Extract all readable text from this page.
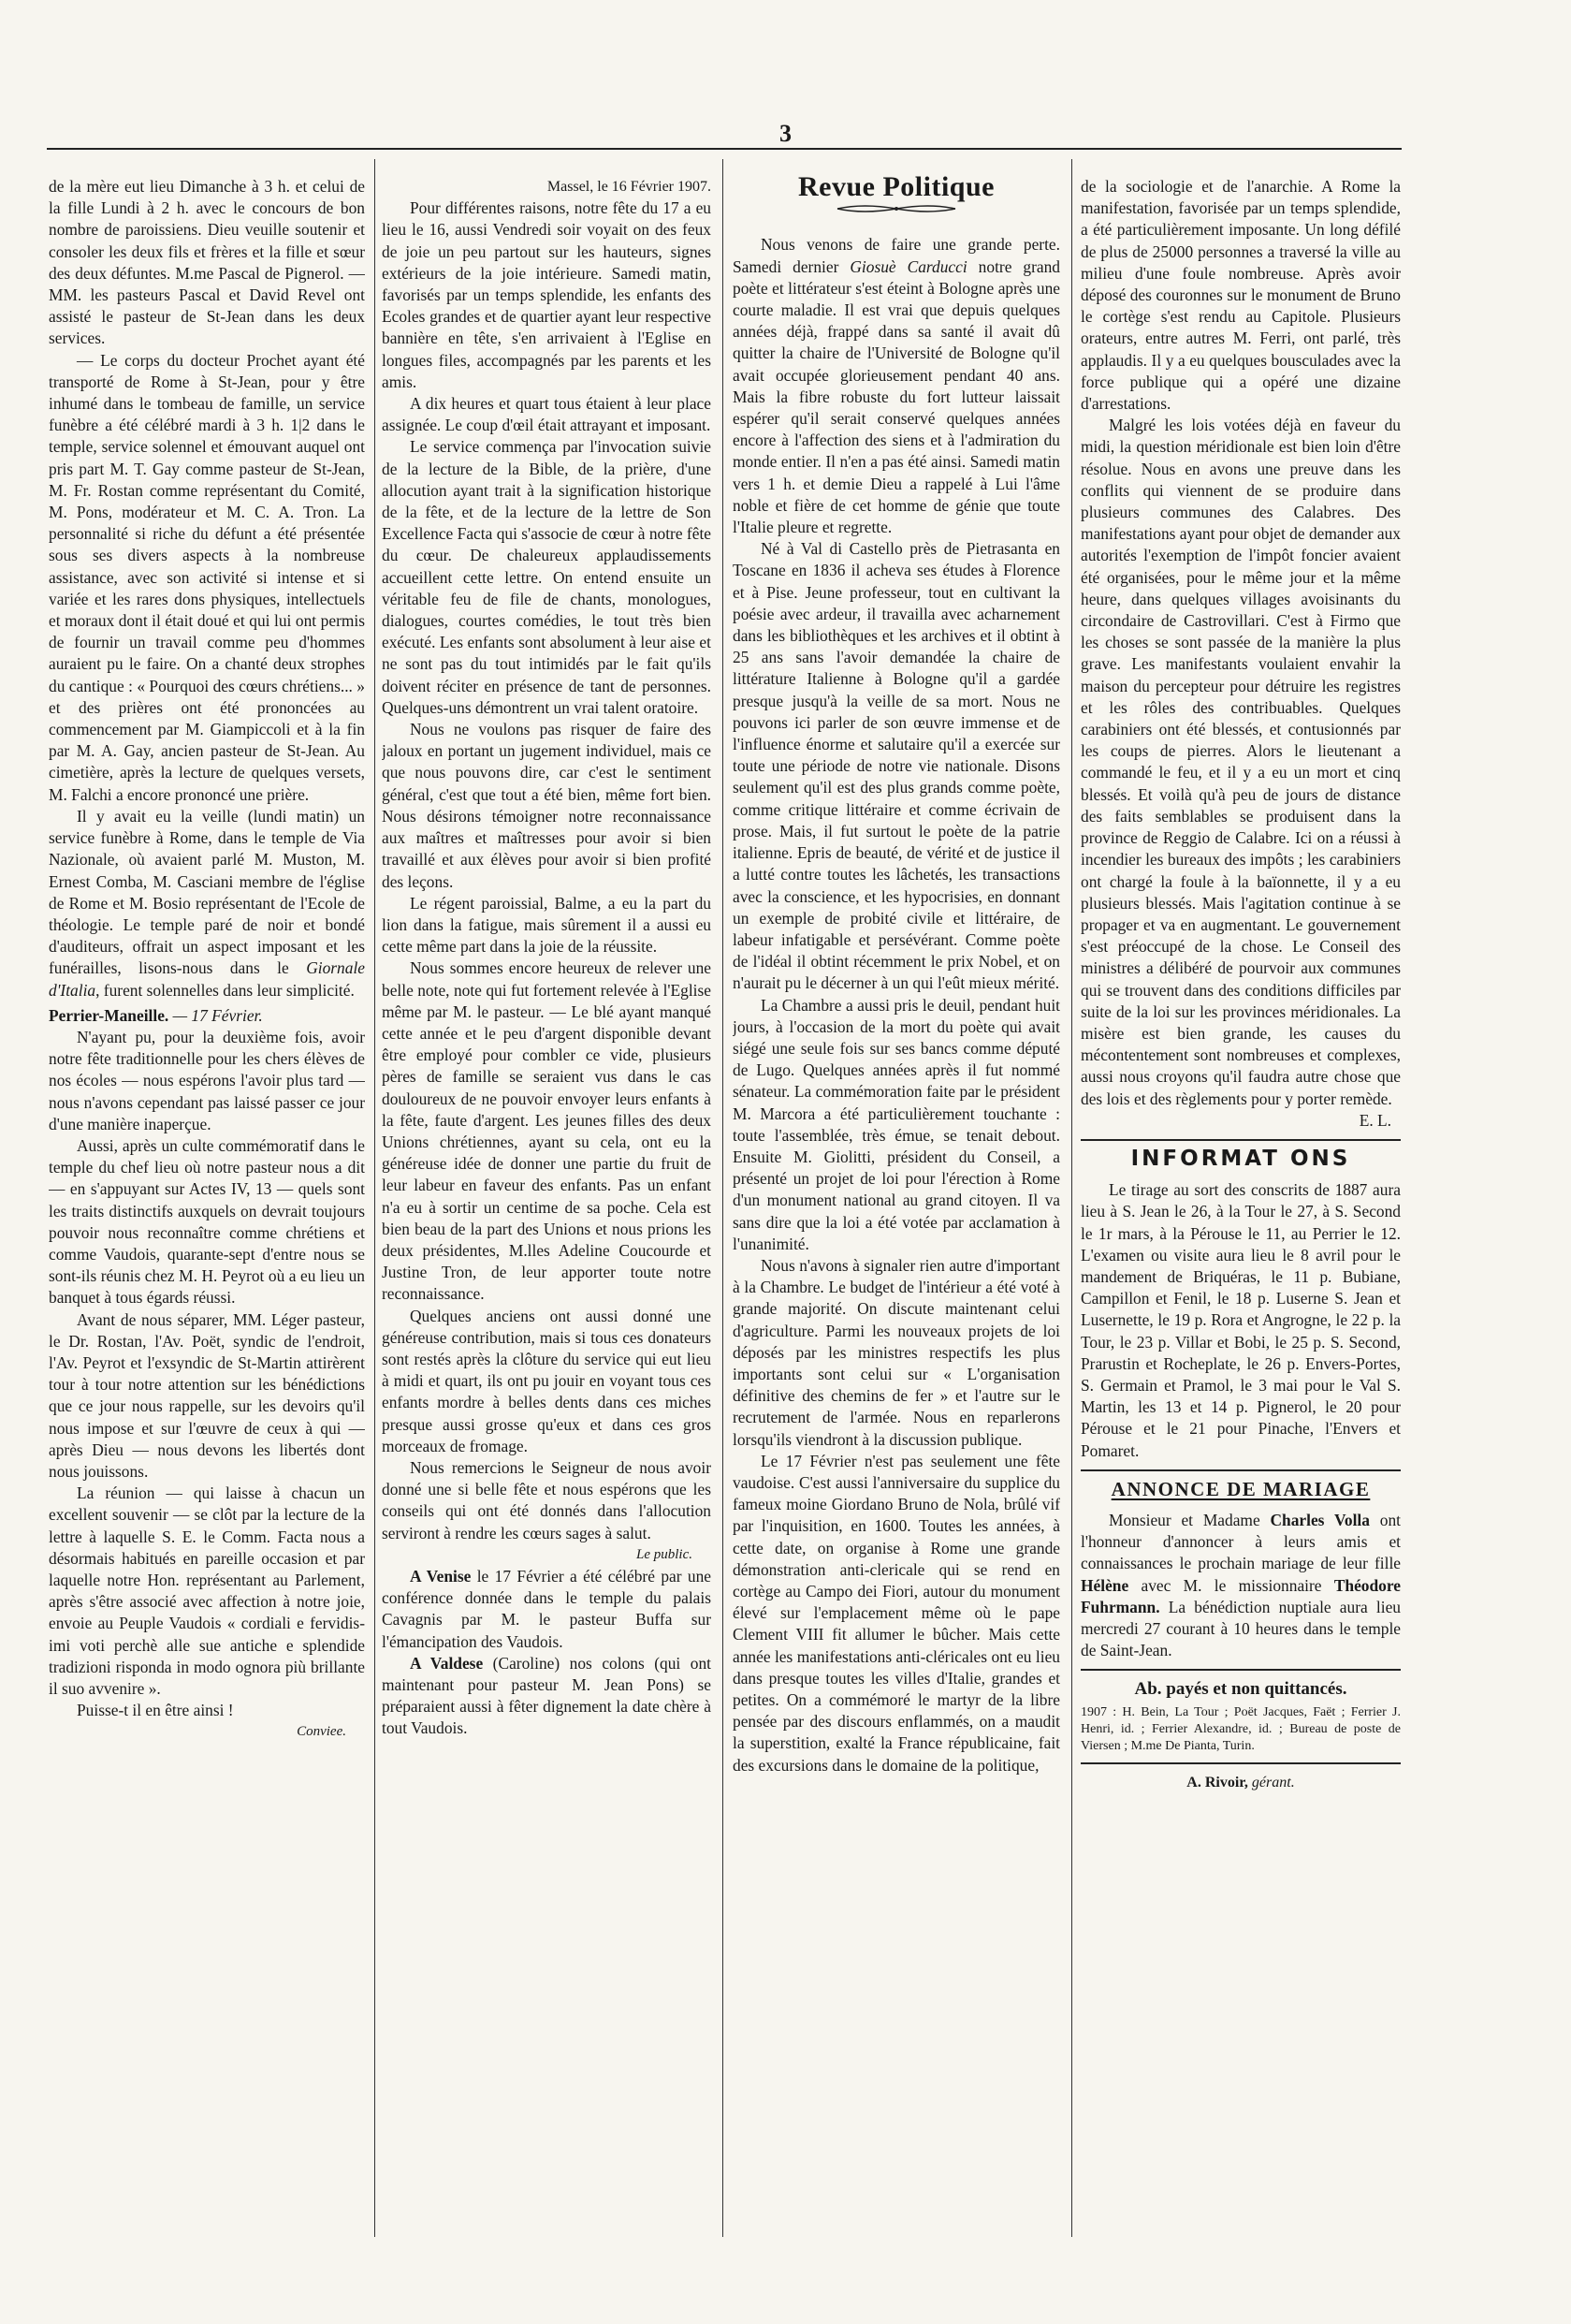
3

de la mère eut lieu Dimanche à 3 h. et celui de la fille Lundi à 2 h. avec le concours de bon nombre de paroissiens. Dieu veuille soutenir et consoler les deux fils et frères et la fille et sœur des deux défuntes. M.me Pascal de Pignerol. — MM. les pasteurs Pascal et David Revel ont assisté le pasteur de St-Jean dans les deux services.

— Le corps du docteur Prochet ayant été transporté de Rome à St-Jean, pour y être inhumé dans le tombeau de famille, un service funèbre a été célébré mardi à 3 h. 1|2 dans le temple, service solennel et émouvant auquel ont pris part M. T. Gay comme pasteur de St-Jean, M. Fr. Rostan comme représentant du Comité, M. Pons, modérateur et M. C. A. Tron. La personnalité si riche du défunt a été présentée sous ses divers aspects à la nombreuse assistance, avec son activité si intense et si variée et les rares dons physiques, intellectuels et moraux dont il était doué et qui lui ont permis de fournir un travail comme peu d'hommes auraient pu le faire. On a chanté deux strophes du cantique : « Pourquoi des cœurs chrétiens... » et des prières ont été prononcées au commencement par M. Giampiccoli et à la fin par M. A. Gay, ancien pasteur de St-Jean. Au cimetière, après la lecture de quelques versets, M. Falchi a encore prononcé une prière.

Il y avait eu la veille (lundi matin) un service funèbre à Rome, dans le temple de Via Nazionale, où avaient parlé M. Muston, M. Ernest Comba, M. Casciani membre de l'église de Rome et M. Bosio représentant de l'Ecole de théologie. Le temple paré de noir et bondé d'auditeurs, offrait un aspect imposant et les funérailles, lisons-nous dans le Giornale d'Italia, furent solennelles dans leur simplicité.

Perrier-Maneille. — 17 Février.

N'ayant pu, pour la deuxième fois, avoir notre fête traditionnelle pour les chers élèves de nos écoles — nous espérons l'avoir plus tard — nous n'avons cependant pas laissé passer ce jour d'une manière inaperçue.

Aussi, après un culte commémoratif dans le temple du chef lieu où notre pasteur nous a dit — en s'appuyant sur Actes IV, 13 — quels sont les traits distinctifs auxquels on devrait toujours pouvoir nous reconnaître comme chrétiens et comme Vaudois, quarante-sept d'entre nous se sont-ils réunis chez M. H. Peyrot où a eu lieu un banquet à tous égards réussi.

Avant de nous séparer, MM. Léger pasteur, le Dr. Rostan, l'Av. Poët, syndic de l'endroit, l'Av. Peyrot et l'exsyndic de St-Martin attirèrent tour à tour notre attention sur les bénédictions que ce jour nous rappelle, sur les devoirs qu'il nous impose et sur l'œuvre de ceux à qui — après Dieu — nous devons les libertés dont nous jouissons.

La réunion — qui laisse à chacun un excellent souvenir — se clôt par la lecture de la lettre à laquelle S. E. le Comm. Facta nous a désormais habitués en pareille occasion et par laquelle notre Hon. représentant au Parlement, après s'être associé avec affection à notre joie, envoie au Peuple Vaudois « cordiali e fervidis-imi voti perchè alle sue antiche e splendide tradizioni risponda in modo ognora più brillante il suo avvenire ».

Puisse-t il en être ainsi !

Conviee.

Massel, le 16 Février 1907.

Pour différentes raisons, notre fête du 17 a eu lieu le 16, aussi Vendredi soir voyait on des feux de joie un peu partout sur les hauteurs, signes extérieurs de la joie intérieure. Samedi matin, favorisés par un temps splendide, les enfants des Ecoles grandes et de quartier ayant leur respective bannière en tête, s'en arrivaient à l'Eglise en longues files, accompagnés par les parents et les amis.

A dix heures et quart tous étaient à leur place assignée. Le coup d'œil était attrayant et imposant.

Le service commença par l'invocation suivie de la lecture de la Bible, de la prière, d'une allocution ayant trait à la signification historique de la fête, et de la lecture de la lettre de Son Excellence Facta qui s'associe de cœur à notre fête du cœur. De chaleureux applaudissements accueillent cette lettre. On entend ensuite un véritable feu de file de chants, monologues, dialogues, courtes comédies, le tout très bien exécuté. Les enfants sont absolument à leur aise et ne sont pas du tout intimidés par le fait qu'ils doivent réciter en présence de tant de personnes. Quelques-uns démontrent un vrai talent oratoire.

Nous ne voulons pas risquer de faire des jaloux en portant un jugement individuel, mais ce que nous pouvons dire, car c'est le sentiment général, c'est que tout a été bien, même fort bien. Nous désirons témoigner notre reconnaissance aux maîtres et maîtresses pour avoir si bien travaillé et aux élèves pour avoir si bien profité des leçons.

Le régent paroissial, Balme, a eu la part du lion dans la fatigue, mais sûrement il a aussi eu cette même part dans la joie de la réussite.

Nous sommes encore heureux de relever une belle note, note qui fut fortement relevée à l'Eglise même par M. le pasteur. — Le blé ayant manqué cette année et le peu d'argent disponible devant être employé pour combler ce vide, plusieurs pères de famille se seraient vus dans le cas douloureux de ne pouvoir envoyer leurs enfants à la fête, faute d'argent. Les jeunes filles des deux Unions chrétiennes, ayant su cela, ont eu la généreuse idée de donner une partie du fruit de leur labeur en faveur des enfants. Pas un enfant n'a eu à sortir un centime de sa poche. Cela est bien beau de la part des Unions et nous prions les deux présidentes, M.lles Adeline Coucourde et Justine Tron, de leur apporter toute notre reconnaissance.

Quelques anciens ont aussi donné une généreuse contribution, mais si tous ces donateurs sont restés après la clôture du service qui eut lieu à midi et quart, ils ont pu jouir en voyant tous ces enfants mordre à belles dents dans ces miches presque aussi grosse qu'eux et dans ces gros morceaux de fromage.

Nous remercions le Seigneur de nous avoir donné une si belle fête et nous espérons que les conseils qui ont été donnés dans l'allocution serviront à rendre les cœurs sages à salut.

Le public.

A Venise le 17 Février a été célébré par une conférence donnée dans le temple du palais Cavagnis par M. le pasteur Buffa sur l'émancipation des Vaudois.

A Valdese (Caroline) nos colons (qui ont maintenant pour pasteur M. Jean Pons) se préparaient aussi à fêter dignement la date chère à tout Vaudois.

Revue Politique

Nous venons de faire une grande perte. Samedi dernier Giosuè Carducci notre grand poète et littérateur s'est éteint à Bologne après une courte maladie. Il est vrai que depuis quelques années déjà, frappé dans sa santé il avait dû quitter la chaire de l'Université de Bologne qu'il avait occupée glorieusement pendant 40 ans. Mais la fibre robuste du fort lutteur laissait espérer qu'il serait conservé quelques années encore à l'affection des siens et à l'admiration du monde entier. Il n'en a pas été ainsi. Samedi matin vers 1 h. et demie Dieu a rappelé à Lui l'âme noble et fière de cet homme de génie que toute l'Italie pleure et regrette.

Né à Val di Castello près de Pietrasanta en Toscane en 1836 il acheva ses études à Florence et à Pise. Jeune professeur, tout en cultivant la poésie avec ardeur, il travailla avec acharnement dans les bibliothèques et les archives et il obtint à 25 ans sans l'avoir demandée la chaire de littérature Italienne à Bologne qu'il a gardée presque jusqu'à la veille de sa mort. Nous ne pouvons ici parler de son œuvre immense et de l'influence énorme et salutaire qu'il a exercée sur toute une période de notre vie nationale. Disons seulement qu'il est des plus grands comme poète, comme critique littéraire et comme écrivain de prose. Mais, il fut surtout le poète de la patrie italienne. Epris de beauté, de vérité et de justice il a lutté contre toutes les lâchetés, les transactions avec la conscience, et les hypocrisies, en donnant un exemple de probité civile et littéraire, de labeur infatigable et persévérant. Comme poète de l'idéal il obtint récemment le prix Nobel, et on n'aurait pu le décerner à un qui l'eût mieux mérité.

La Chambre a aussi pris le deuil, pendant huit jours, à l'occasion de la mort du poète qui avait siégé une seule fois sur ses bancs comme député de Lugo. Quelques années après il fut nommé sénateur. La commémoration faite par le président M. Marcora a été particulièrement touchante : toute l'assemblée, très émue, se tenait debout. Ensuite M. Giolitti, président du Conseil, a présenté un projet de loi pour l'érection à Rome d'un monument national au grand citoyen. Il va sans dire que la loi a été votée par acclamation à l'unanimité.

Nous n'avons à signaler rien autre d'important à la Chambre. Le budget de l'intérieur a été voté à grande majorité. On discute maintenant celui d'agriculture. Parmi les nouveaux projets de loi déposés par les ministres respectifs les plus importants sont celui sur « L'organisation définitive des chemins de fer » et l'autre sur le recrutement de l'armée. Nous en reparlerons lorsqu'ils viendront à la discussion publique.

Le 17 Février n'est pas seulement une fête vaudoise. C'est aussi l'anniversaire du supplice du fameux moine Giordano Bruno de Nola, brûlé vif par l'inquisition, en 1600. Toutes les années, à cette date, on organise à Rome une grande démonstration anti-clericale qui se rend en cortège au Campo dei Fiori, autour du monument élevé sur l'emplacement même où le pape Clement VIII fit allumer le bûcher. Mais cette année les manifestations anti-cléricales ont eu lieu dans presque toutes les villes d'Italie, grandes et petites. On a commémoré le martyr de la libre pensée par des discours enflammés, on a maudit la superstition, exalté la France républicaine, fait des excursions dans le domaine de la politique,

de la sociologie et de l'anarchie. A Rome la manifestation, favorisée par un temps splendide, a été particulièrement imposante. Un long défilé de plus de 25000 personnes a traversé la ville au milieu d'une foule nombreuse. Après avoir déposé des couronnes sur le monument de Bruno le cortège s'est rendu au Capitole. Plusieurs orateurs, entre autres M. Ferri, ont parlé, très applaudis. Il y a eu quelques bousculades avec la force publique qui a opéré une dizaine d'arrestations.

Malgré les lois votées déjà en faveur du midi, la question méridionale est bien loin d'être résolue. Nous en avons une preuve dans les conflits qui viennent de se produire dans plusieurs communes des Calabres. Des manifestations ayant pour objet de demander aux autorités l'exemption de l'impôt foncier avaient été organisées, pour le même jour et la même heure, dans quelques villages avoisinants du circondaire de Castrovillari. C'est à Firmo que les choses se sont passée de la manière la plus grave. Les manifestants voulaient envahir la maison du percepteur pour détruire les registres et les rôles des contribuables. Quelques carabiniers ont été blessés, et contusionnés par les coups de pierres. Alors le lieutenant a commandé le feu, et il y a eu un mort et cinq blessés. Et voilà qu'à peu de jours de distance des faits semblables se produisent dans la province de Reggio de Calabre. Ici on a réussi à incendier les bureaux des impôts ; les carabiniers ont chargé la foule à la baïonnette, il y a eu plusieurs blessés. Mais l'agitation continue à se propager et va en augmentant. Le gouvernement s'est préoccupé de la chose. Le Conseil des ministres a délibéré de pourvoir aux communes qui se trouvent dans des conditions difficiles par suite de la loi sur les provinces méridionales. La misère est bien grande, les causes du mécontentement sont nombreuses et complexes, aussi nous croyons qu'il faudra autre chose que des lois et des règlements pour y porter remède.

E. L.

INFORMAT ONS

Le tirage au sort des conscrits de 1887 aura lieu à S. Jean le 26, à la Tour le 27, à S. Second le 1r mars, à la Pérouse le 11, au Perrier le 12. L'examen ou visite aura lieu le 8 avril pour le mandement de Briquéras, le 11 p. Bubiane, Campillon et Fenil, le 18 p. Luserne S. Jean et Lusernette, le 19 p. Rora et Angrogne, le 22 p. la Tour, le 23 p. Villar et Bobi, le 25 p. S. Second, Prarustin et Rocheplate, le 26 p. Envers-Portes, S. Germain et Pramol, le 3 mai pour le Val S. Martin, les 13 et 14 p. Pignerol, le 20 pour Pérouse et le 21 pour Pinache, l'Envers et Pomaret.

ANNONCE DE MARIAGE

Monsieur et Madame Charles Volla ont l'honneur d'annoncer à leurs amis et connaissances le prochain mariage de leur fille Hélène avec M. le missionnaire Théodore Fuhrmann. La bénédiction nuptiale aura lieu mercredi 27 courant à 10 heures dans le temple de Saint-Jean.

Ab. payés et non quittancés.

1907 : H. Bein, La Tour ; Poët Jacques, Faët ; Ferrier J. Henri, id. ; Ferrier Alexandre, id. ; Bureau de poste de Viersen ; M.me De Pianta, Turin.

A. Rivoir, gérant.
